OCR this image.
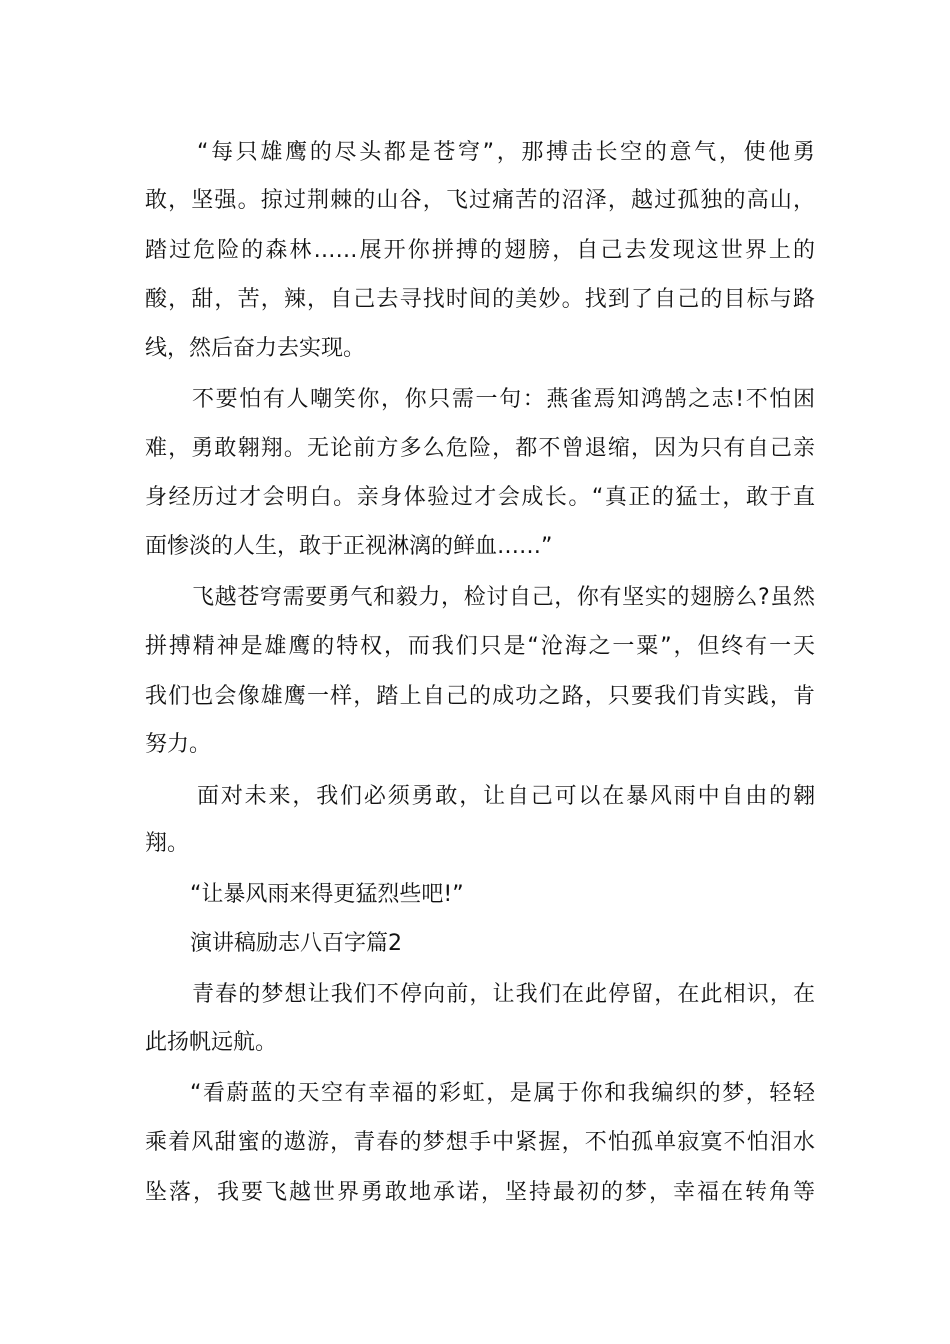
“每只雄鹰的尽头都是苍穹”，那搏击长空的意气，使他勇
敢，坚强。掠过荆棘的山谷，飞过痛苦的沼泽，越过孤独的高山，
踏过危险的森林……展开你拼搏的翅膀，自己去发现这世界上的
酸，甜，苦，辣，自己去寻找时间的美妙。找到了自己的目标与路
线，然后奋力去实现。
不要怕有人嘲笑你，你只需一句：燕雀焉知鸿鹄之志!不怕困
难，勇敢翱翔。无论前方多么危险，都不曾退缩，因为只有自己亲
身经历过才会明白。亲身体验过才会成长。“真正的猛士，敢于直
面惨淡的人生，敢于正视淋漓的鲜血……”
飞越苍穹需要勇气和毅力，检讨自己，你有坚实的翅膀么?虽然
拼搏精神是雄鹰的特权，而我们只是“沧海之一粟”，但终有一天
我们也会像雄鹰一样，踏上自己的成功之路，只要我们肯实践，肯
努力。
面对未来，我们必须勇敢，让自己可以在暴风雨中自由的翱
翔。
“让暴风雨来得更猛烈些吧!”
演讲稿励志八百字篇2
青春的梦想让我们不停向前，让我们在此停留，在此相识，在
此扬帆远航。
“看蔚蓝的天空有幸福的彩虹，是属于你和我编织的梦，轻轻
乘着风甜蜜的遨游，青春的梦想手中紧握，不怕孤单寂寞不怕泪水
坠落，我要飞越世界勇敢地承诺，坚持最初的梦，幸福在转角等
